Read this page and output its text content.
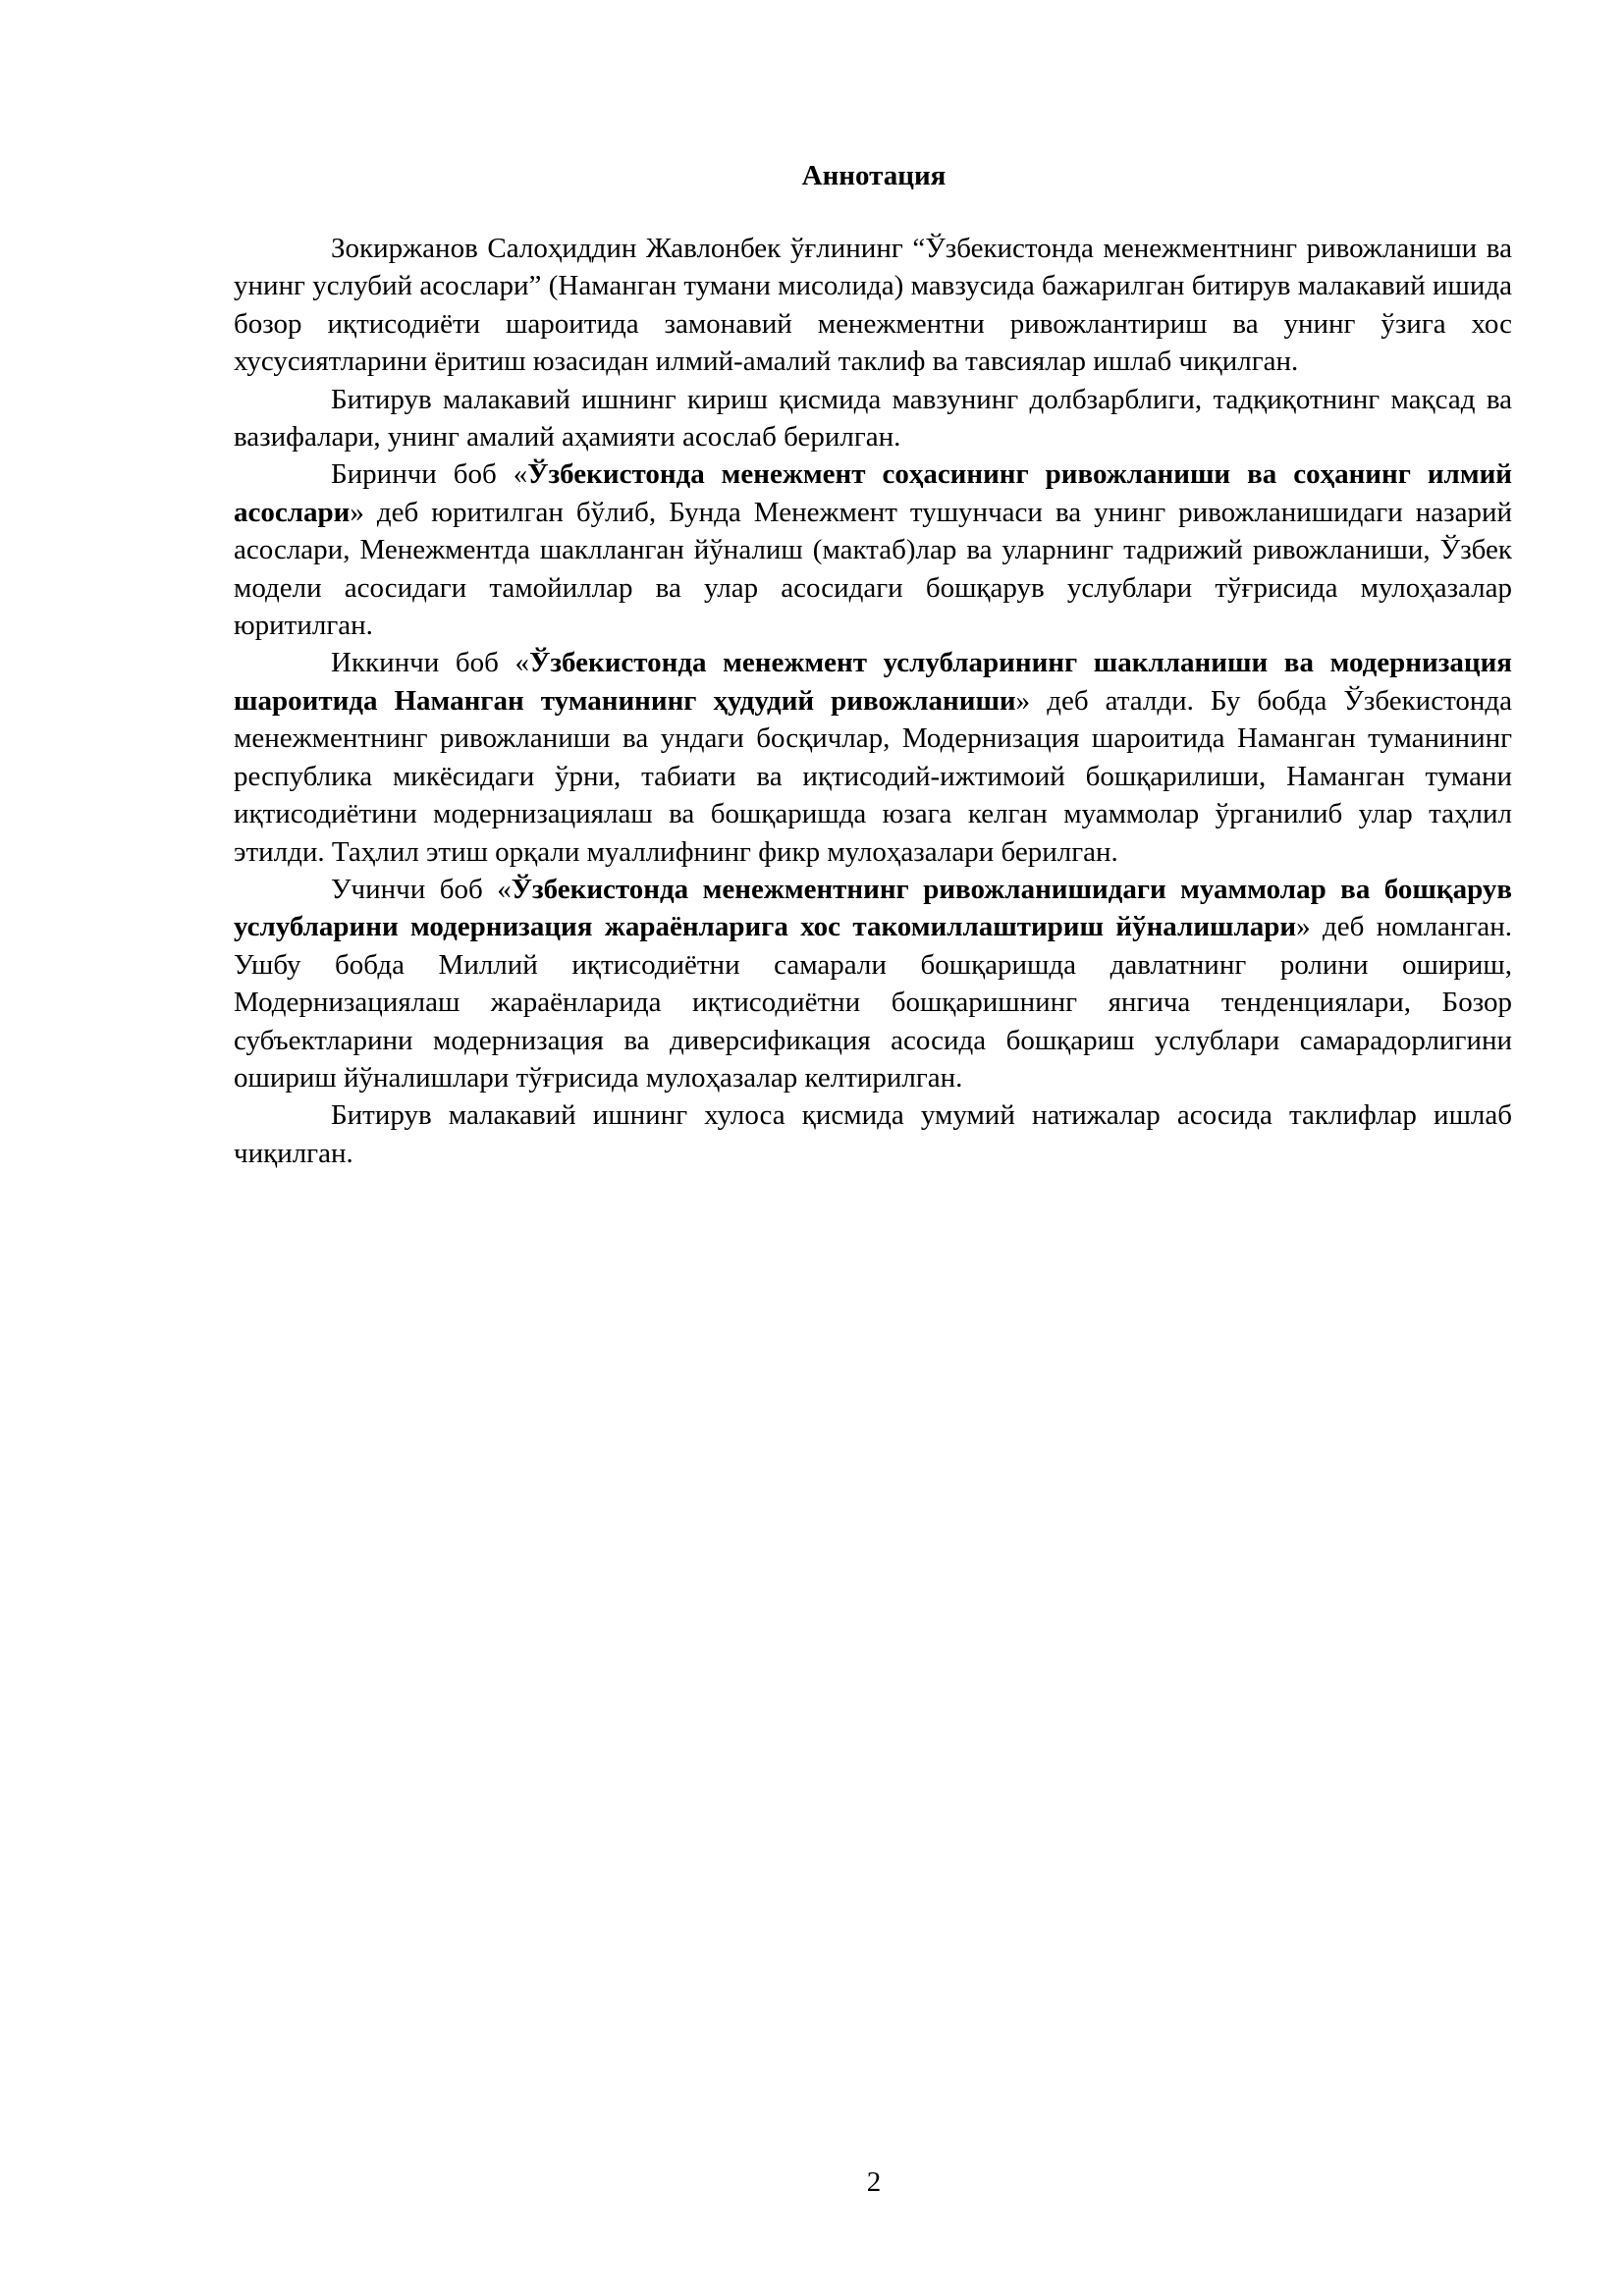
Аннотация

Зокиржанов Салоҳиддин Жавлонбек ўғлининг “Ўзбекистонда менежментнинг ривожланиши ва унинг услубий асослари” (Наманган тумани мисолида) мавзусида бажарилган битирув малакавий ишида бозор иқтисодиёти шароитида замонавий менежментни ривожлантириш ва унинг ўзига хос хусусиятларини ёритиш юзасидан илмий-амалий таклиф ва тавсиялар ишлаб чиқилган.

Битирув малакавий ишнинг кириш қисмида мавзунинг долбзарблиги, тадқиқотнинг мақсад ва вазифалари, унинг амалий аҳамияти асослаб берилган.

Биринчи боб «Ўзбекистонда менежмент соҳасининг ривожланиши ва соҳанинг илмий асослари» деб юритилган бўлиб, Бунда Менежмент тушунчаси ва унинг ривожланишидаги назарий асослари, Менежментда шаклланган йўналиш (мактаб)лар ва уларнинг тадрижий ривожланиши, Ўзбек модели асосидаги тамойиллар ва улар асосидаги бошқарув услублари тўғрисида мулоҳазалар юритилган.

Иккинчи боб «Ўзбекистонда менежмент услубларининг шаклланиши ва модернизация шароитида Наманган туманининг ҳудудий ривожланиши» деб аталди. Бу бобда Ўзбекистонда менежментнинг ривожланиши ва ундаги босқичлар, Модернизация шароитида Наманган туманининг республика микёсидаги ўрни, табиати ва иқтисодий-ижтимоий бошқарилиши, Наманган тумани иқтисодиётини модернизациялаш ва бошқаришда юзага келган муаммолар ўрганилиб улар таҳлил этилди. Таҳлил этиш орқали муаллифнинг фикр мулоҳазалари берилган.

Учинчи боб «Ўзбекистонда менежментнинг ривожланишидаги муаммолар ва бошқарув услубларини модернизация жараёнларига хос такомиллаштириш йўналишлари» деб номланган. Ушбу бобда Миллий иқтисодиётни самарали бошқаришда давлатнинг ролини ошириш, Модернизациялаш жараёнларида иқтисодиётни бошқаришнинг янгича тенденциялари, Бозор субъектларини модернизация ва диверсификация асосида бошқариш услублари самарадорлигини ошириш йўналишлари тўғрисида мулоҳазалар келтирилган.

Битирув малакавий ишнинг хулоса қисмида умумий натижалар асосида таклифлар ишлаб чиқилган.

2
